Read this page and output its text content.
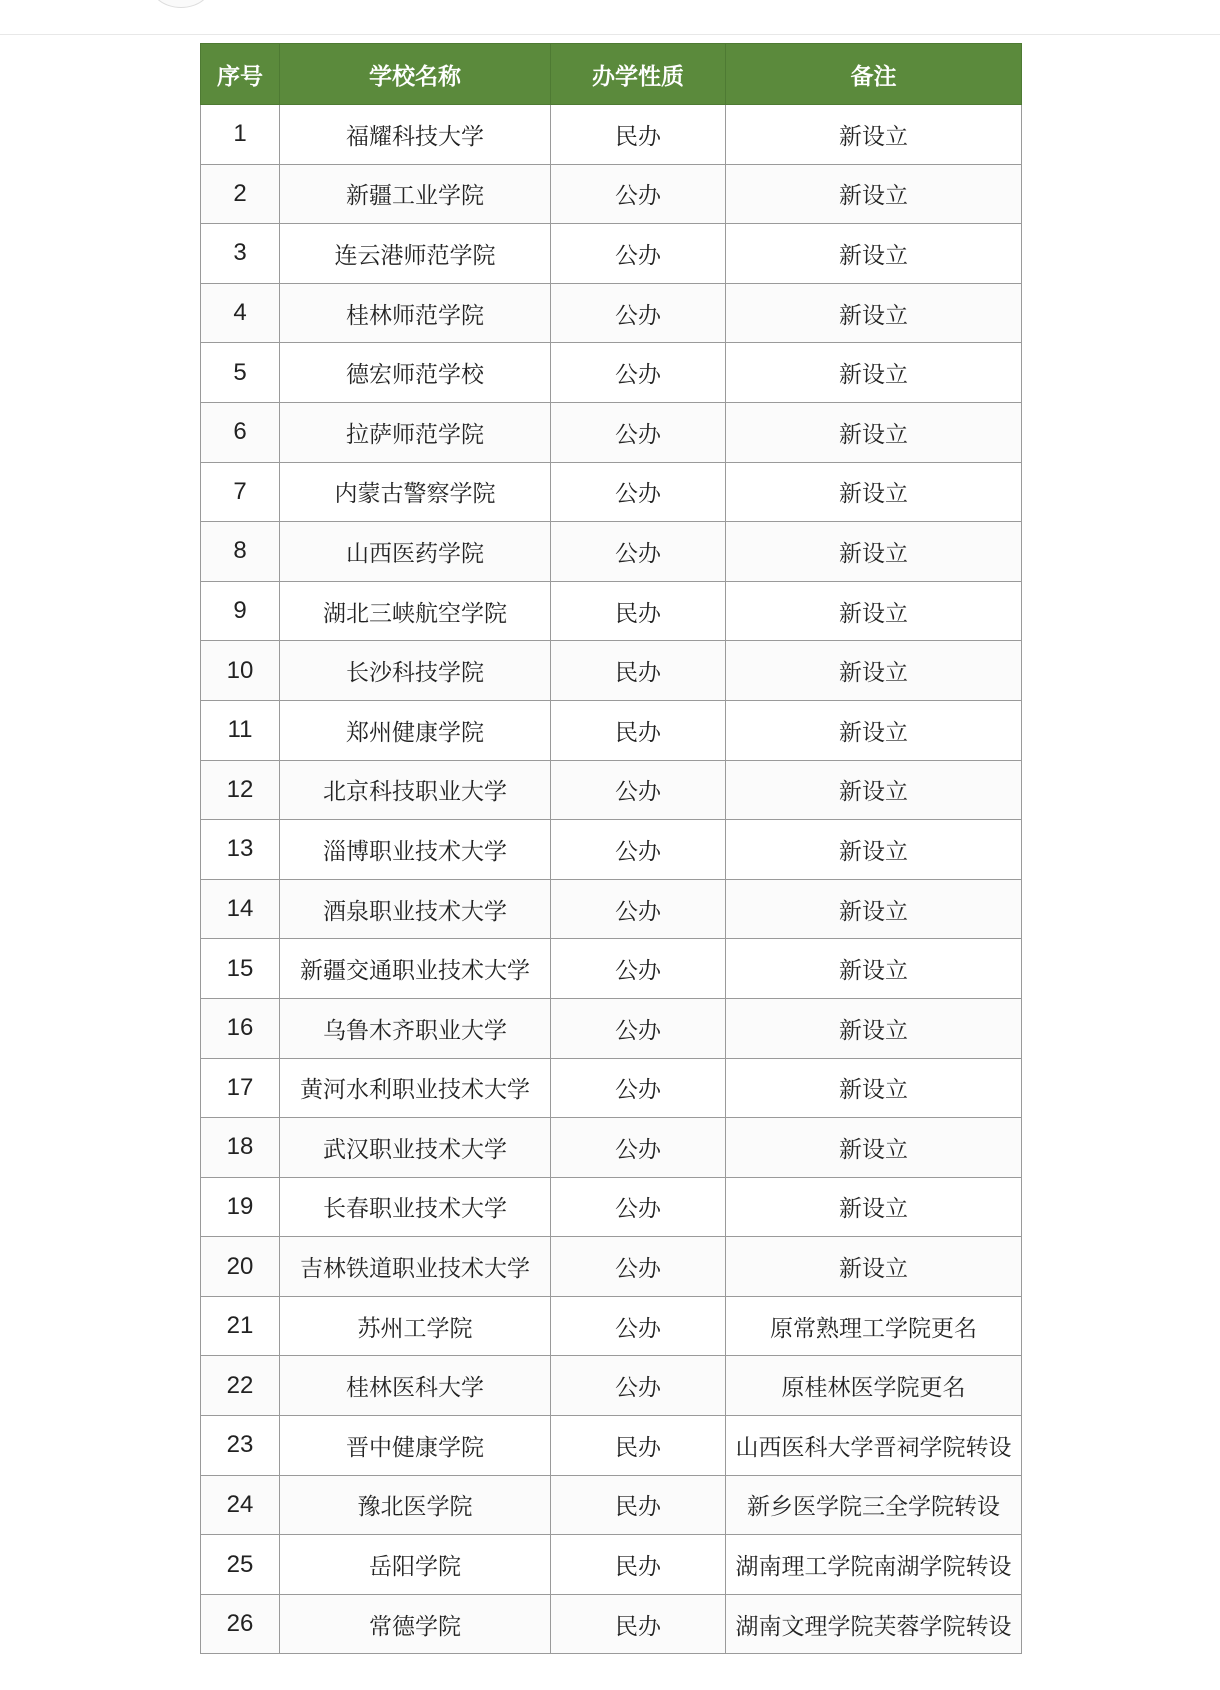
序号	学校名称	办学性质	备注
1	福耀科技大学	民办	新设立
2	新疆工业学院	公办	新设立
3	连云港师范学院	公办	新设立
4	桂林师范学院	公办	新设立
5	德宏师范学校	公办	新设立
6	拉萨师范学院	公办	新设立
7	内蒙古警察学院	公办	新设立
8	山西医药学院	公办	新设立
9	湖北三峡航空学院	民办	新设立
10	长沙科技学院	民办	新设立
11	郑州健康学院	民办	新设立
12	北京科技职业大学	公办	新设立
13	淄博职业技术大学	公办	新设立
14	酒泉职业技术大学	公办	新设立
15	新疆交通职业技术大学	公办	新设立
16	乌鲁木齐职业大学	公办	新设立
17	黄河水利职业技术大学	公办	新设立
18	武汉职业技术大学	公办	新设立
19	长春职业技术大学	公办	新设立
20	吉林铁道职业技术大学	公办	新设立
21	苏州工学院	公办	原常熟理工学院更名
22	桂林医科大学	公办	原桂林医学院更名
23	晋中健康学院	民办	山西医科大学晋祠学院转设
24	豫北医学院	民办	新乡医学院三全学院转设
25	岳阳学院	民办	湖南理工学院南湖学院转设
26	常德学院	民办	湖南文理学院芙蓉学院转设
